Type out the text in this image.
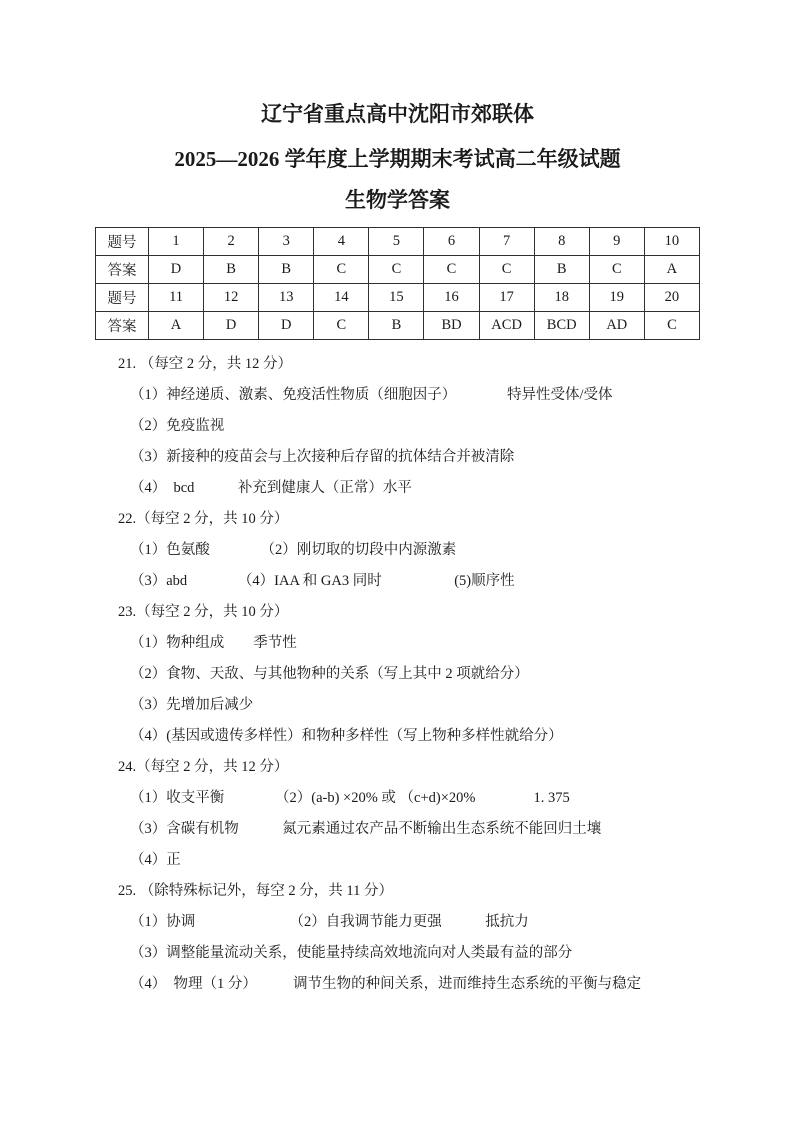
辽宁省重点高中沈阳市郊联体
2025—2026 学年度上学期期末考试高二年级试题
生物学答案
题号	1	2	3	4	5	6	7	8	9	10
答案	D	B	B	C	C	C	C	B	C	A
题号	11	12	13	14	15	16	17	18	19	20
答案	A	D	D	C	B	BD	ACD	BCD	AD	C
21. （每空 2 分，共 12 分）
（1）神经递质、激素、免疫活性物质（细胞因子）　　　　特异性受体/受体
（2）免疫监视
（3）新接种的疫苗会与上次接种后存留的抗体结合并被清除
（4）　bcd　　　补充到健康人（正常）水平
22.（每空 2 分，共 10 分）
（1）色氨酸　　　　（2）刚切取的切段中内源激素
（3）abd　　　　（4）IAA 和 GA3 同时　　　　　(5)顺序性
23.（每空 2 分，共 10 分）
（1）物种组成　　季节性
（2）食物、天敌、与其他物种的关系（写上其中 2 项就给分）
（3）先增加后减少
（4）(基因或遗传多样性）和物种多样性（写上物种多样性就给分）
24.（每空 2 分，共 12 分）
（1）收支平衡　　　　（2）(a-b) ×20% 或 （c+d)×20%　　　　1. 375
（3）含碳有机物　　　氮元素通过农产品不断输出生态系统不能回归土壤
（4）正
25. （除特殊标记外，每空 2 分，共 11 分）
（1）协调　　　　　　　（2）自我调节能力更强　　　抵抗力
（3）调整能量流动关系，使能量持续高效地流向对人类最有益的部分
（4）　物理（1 分）　　　调节生物的种间关系，进而维持生态系统的平衡与稳定
